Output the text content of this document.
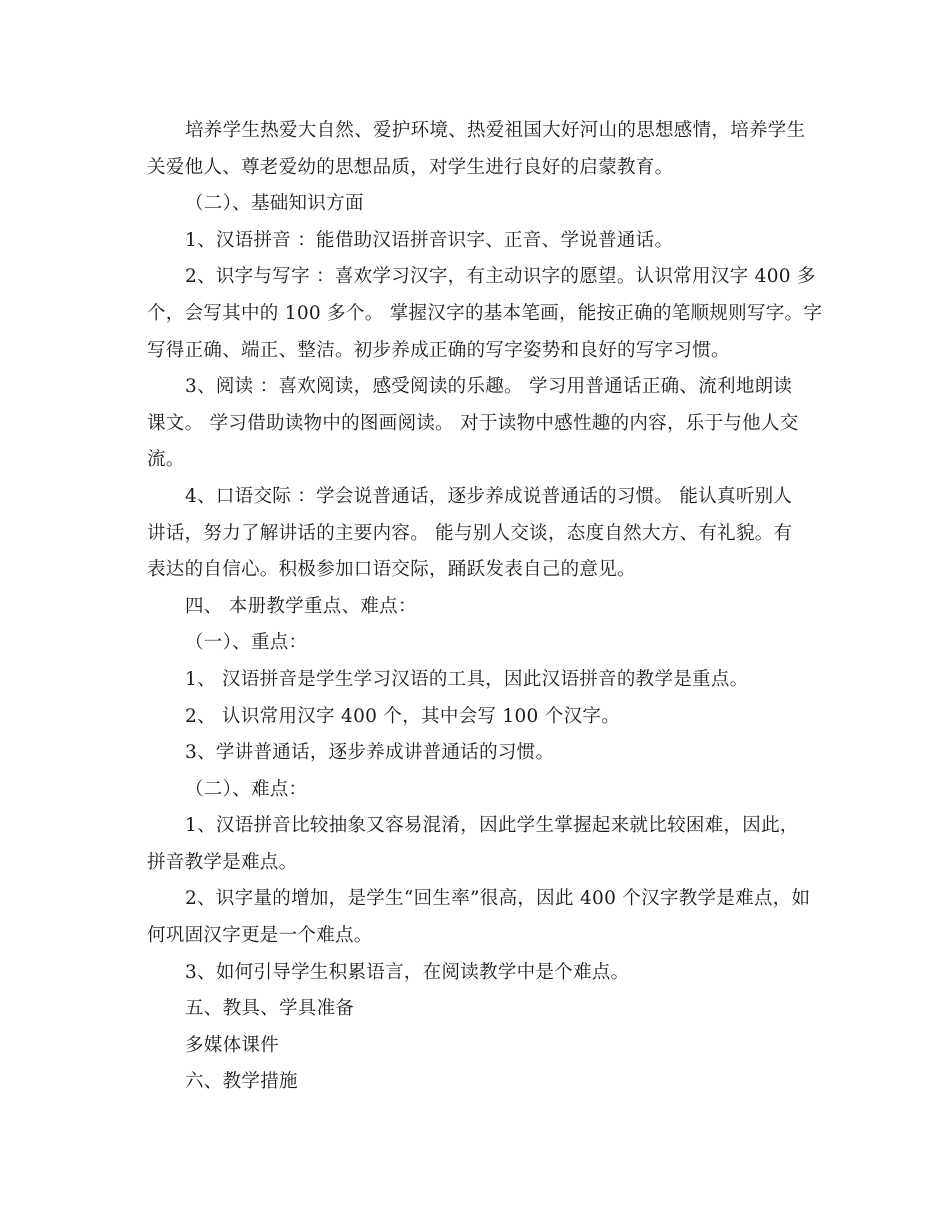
培养学生热爱大自然、爱护环境、热爱祖国大好河山的思想感情，培养学生
关爱他人、尊老爱幼的思想品质，对学生进行良好的启蒙教育。
（二）、基础知识方面
1、汉语拼音 ：能借助汉语拼音识字、正音、学说普通话。
2、识字与写字 ：喜欢学习汉字，有主动识字的愿望。认识常用汉字 400 多
个，会写其中的 100 多个。 掌握汉字的基本笔画，能按正确的笔顺规则写字。字
写得正确、端正、整洁。初步养成正确的写字姿势和良好的写字习惯。
3、阅读 ：喜欢阅读，感受阅读的乐趣。 学习用普通话正确、流利地朗读
课文。 学习借助读物中的图画阅读。 对于读物中感性趣的内容，乐于与他人交
流。
4、口语交际 ：学会说普通话，逐步养成说普通话的习惯。 能认真听别人
讲话，努力了解讲话的主要内容。 能与别人交谈，态度自然大方、有礼貌。有
表达的自信心。积极参加口语交际，踊跃发表自己的意见。
四、 本册教学重点、难点：
（一）、重点：
1、 汉语拼音是学生学习汉语的工具，因此汉语拼音的教学是重点。
2、 认识常用汉字 400 个，其中会写 100 个汉字。
3、学讲普通话，逐步养成讲普通话的习惯。
（二）、难点：
1、汉语拼音比较抽象又容易混淆，因此学生掌握起来就比较困难，因此，
拼音教学是难点。
2、识字量的增加，是学生“回生率”很高，因此 400 个汉字教学是难点，如
何巩固汉字更是一个难点。
3、如何引导学生积累语言，在阅读教学中是个难点。
五、教具、学具准备
多媒体课件
六、教学措施
